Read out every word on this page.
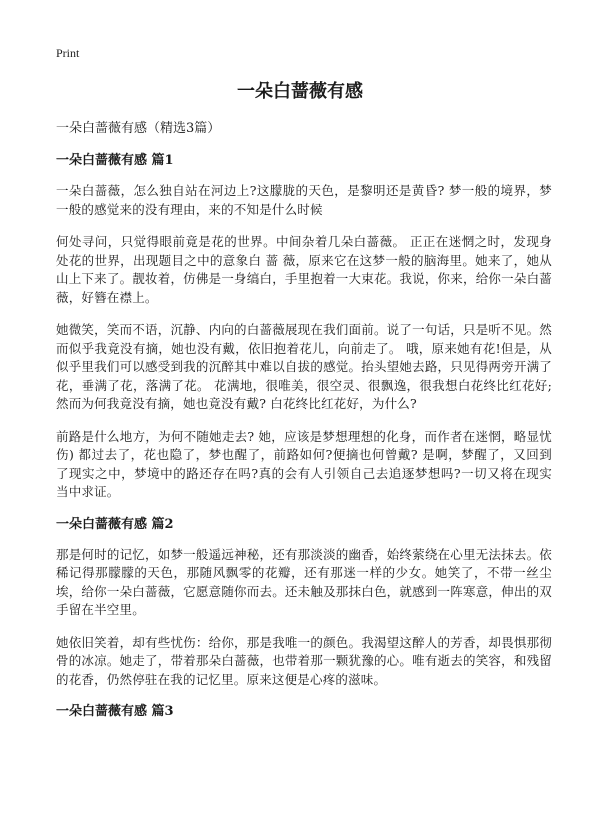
Print
一朵白蔷薇有感

一朵白蔷薇有感（精选3篇）

一朵白蔷薇有感 篇1

一朵白蔷薇，怎么独自站在河边上?这朦胧的天色，是黎明还是黄昏? 梦一般的境界，梦一般的感觉来的没有理由，来的不知是什么时候

何处寻问，只觉得眼前竟是花的世界。中间杂着几朵白蔷薇。 正正在迷惘之时，发现身处花的世界，出现题目之中的意象白 蔷 薇，原来它在这梦一般的脑海里。她来了，她从山上下来了。靓妆着，仿佛是一身缟白，手里抱着一大束花。我说，你来，给你一朵白蔷薇，好簪在襟上。

她微笑，笑而不语，沉静、内向的白蔷薇展现在我们面前。说了一句话，只是听不见。然而似乎我竟没有摘，她也没有戴，依旧抱着花儿，向前走了。 哦，原来她有花!但是，从似乎里我们可以感受到我的沉醉其中难以自拔的感觉。抬头望她去路，只见得两旁开满了花，垂满了花，落满了花。 花满地，很唯美，很空灵、很飘逸，很我想白花终比红花好;然而为何我竟没有摘，她也竟没有戴? 白花终比红花好，为什么?

前路是什么地方，为何不随她走去? 她，应该是梦想理想的化身，而作者在迷惘，略显忧伤) 都过去了，花也隐了，梦也醒了，前路如何?便摘也何曾戴? 是啊，梦醒了，又回到了现实之中，梦境中的路还存在吗?真的会有人引领自己去追逐梦想吗?一切又将在现实当中求证。

一朵白蔷薇有感 篇2

那是何时的记忆，如梦一般遥远神秘，还有那淡淡的幽香，始终萦绕在心里无法抹去。依稀记得那朦朦的天色，那随风飘零的花瓣，还有那迷一样的少女。她笑了，不带一丝尘埃，给你一朵白蔷薇，它愿意随你而去。还未触及那抹白色，就感到一阵寒意，伸出的双手留在半空里。

她依旧笑着，却有些忧伤：给你，那是我唯一的颜色。我渴望这醉人的芳香，却畏惧那彻骨的冰凉。她走了，带着那朵白蔷薇，也带着那一颗犹豫的心。唯有逝去的笑容，和残留的花香，仍然停驻在我的记忆里。原来这便是心疼的滋味。

一朵白蔷薇有感 篇3
